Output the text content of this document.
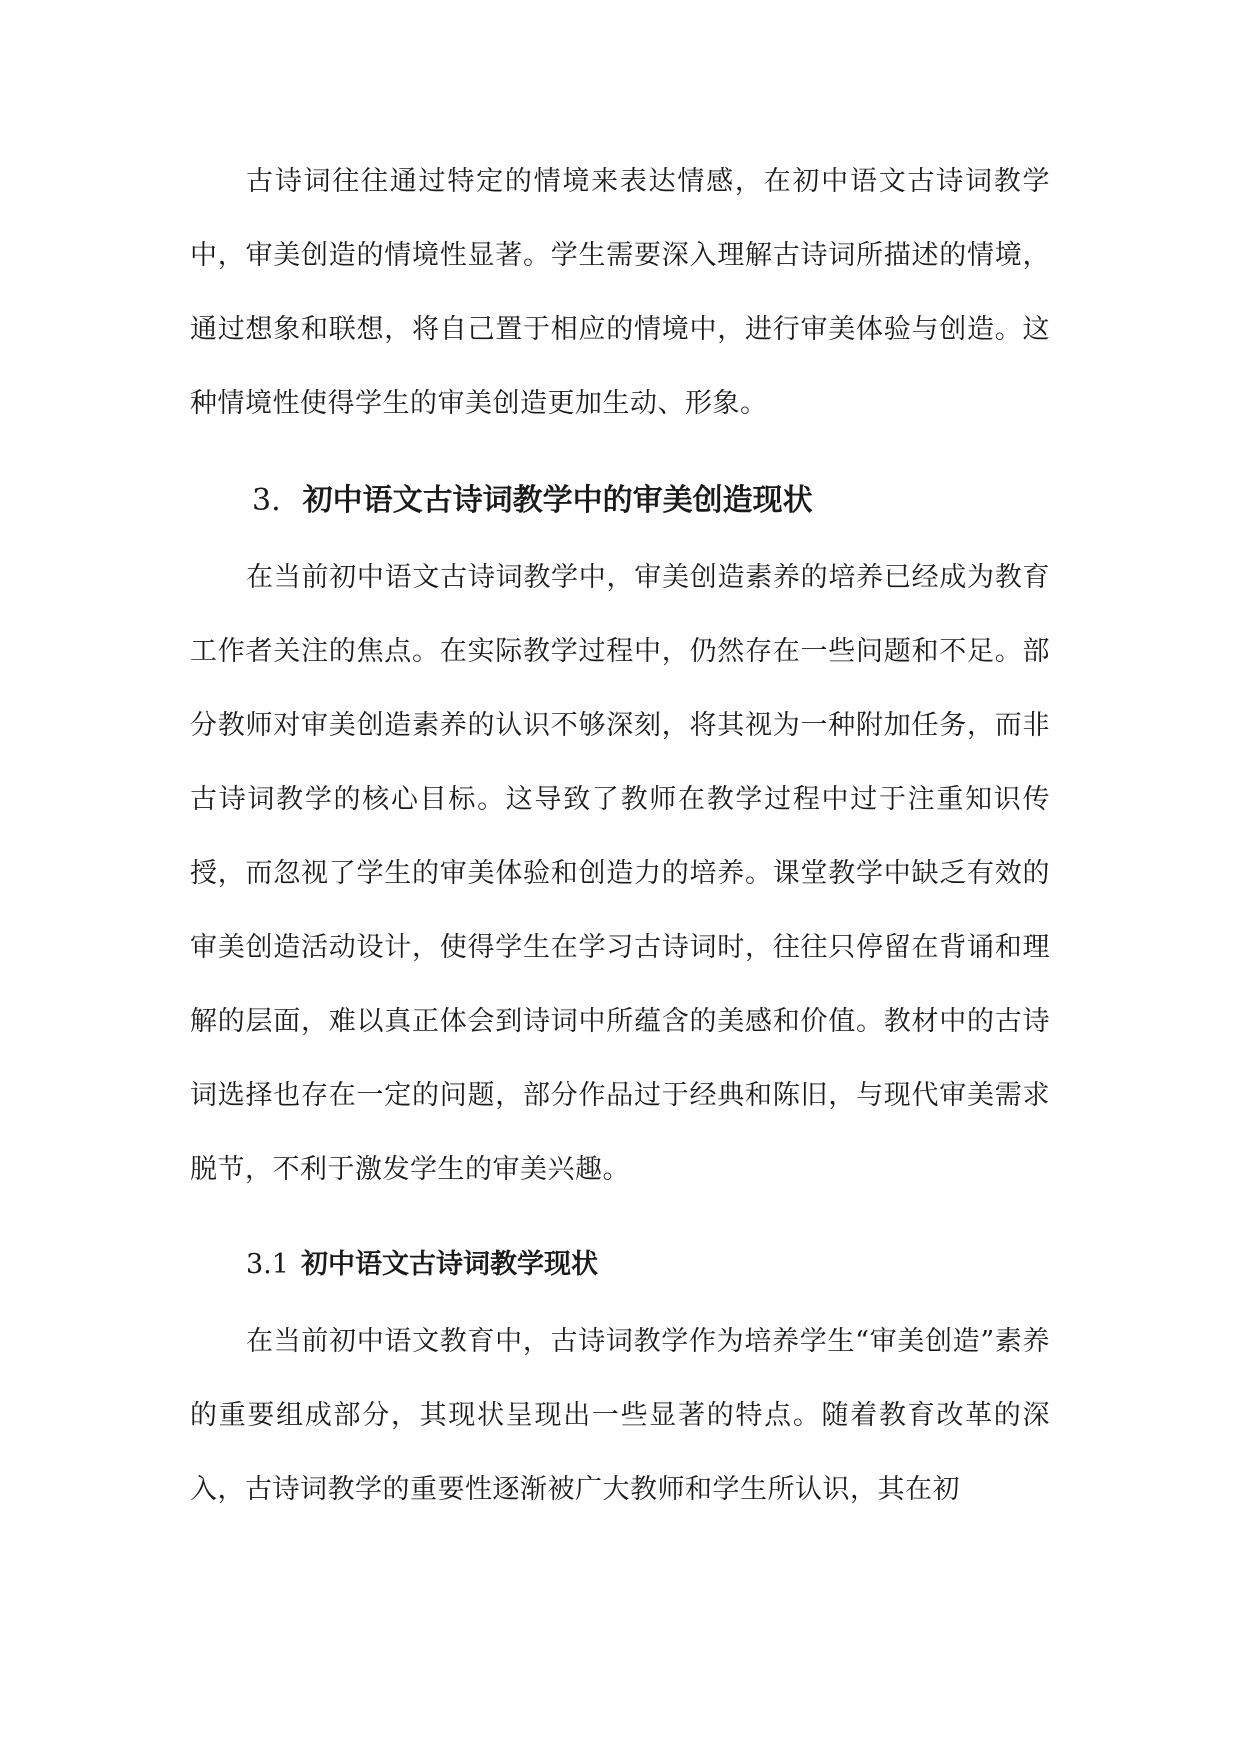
古诗词往往通过特定的情境来表达情感，在初中语文古诗词教学中，审美创造的情境性显著。学生需要深入理解古诗词所描述的情境，通过想象和联想，将自己置于相应的情境中，进行审美体验与创造。这种情境性使得学生的审美创造更加生动、形象。

3. 初中语文古诗词教学中的审美创造现状

在当前初中语文古诗词教学中，审美创造素养的培养已经成为教育工作者关注的焦点。在实际教学过程中，仍然存在一些问题和不足。部分教师对审美创造素养的认识不够深刻，将其视为一种附加任务，而非古诗词教学的核心目标。这导致了教师在教学过程中过于注重知识传授，而忽视了学生的审美体验和创造力的培养。课堂教学中缺乏有效的审美创造活动设计，使得学生在学习古诗词时，往往只停留在背诵和理解的层面，难以真正体会到诗词中所蕴含的美感和价值。教材中的古诗词选择也存在一定的问题，部分作品过于经典和陈旧，与现代审美需求脱节，不利于激发学生的审美兴趣。

3.1 初中语文古诗词教学现状

在当前初中语文教育中，古诗词教学作为培养学生“审美创造”素养的重要组成部分，其现状呈现出一些显著的特点。随着教育改革的深入，古诗词教学的重要性逐渐被广大教师和学生所认识，其在初
